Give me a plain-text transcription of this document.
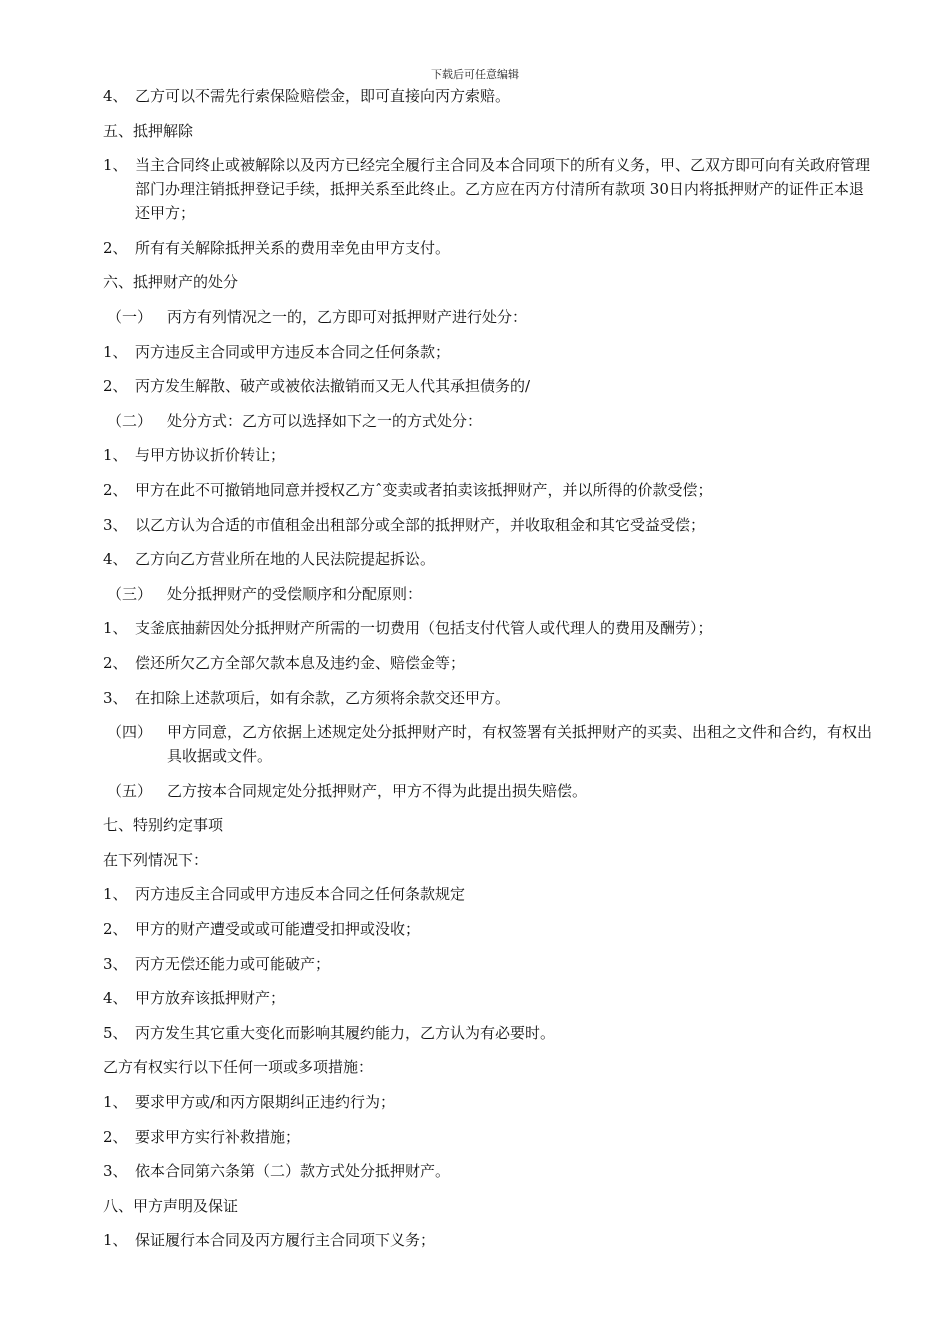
下载后可任意编辑
4、 乙方可以不需先行索保险赔偿金，即可直接向丙方索赔。
五、抵押解除
1、 当主合同终止或被解除以及丙方已经完全履行主合同及本合同项下的所有义务，甲、乙双方即可向有关政府管理部门办理注销抵押登记手续，抵押关系至此终止。乙方应在丙方付清所有款项 30日内将抵押财产的证件正本退还甲方；
2、 所有有关解除抵押关系的费用幸免由甲方支付。
六、抵押财产的处分
（一） 丙方有列情况之一的，乙方即可对抵押财产进行处分：
1、 丙方违反主合同或甲方违反本合同之任何条款；
2、 丙方发生解散、破产或被依法撤销而又无人代其承担债务的/
（二） 处分方式：乙方可以选择如下之一的方式处分：
1、 与甲方协议折价转让；
2、 甲方在此不可撤销地同意并授权乙方ˆ变卖或者拍卖该抵押财产，并以所得的价款受偿；
3、 以乙方认为合适的市值租金出租部分或全部的抵押财产，并收取租金和其它受益受偿；
4、 乙方向乙方营业所在地的人民法院提起拆讼。
（三） 处分抵押财产的受偿顺序和分配原则：
1、 支釜底抽薪因处分抵押财产所需的一切费用（包括支付代管人或代理人的费用及酬劳）；
2、 偿还所欠乙方全部欠款本息及违约金、赔偿金等；
3、 在扣除上述款项后，如有余款，乙方须将余款交还甲方。
（四） 甲方同意，乙方依据上述规定处分抵押财产时，有权签署有关抵押财产的买卖、出租之文件和合约，有权出具收据或文件。
（五） 乙方按本合同规定处分抵押财产，甲方不得为此提出损失赔偿。
七、特别约定事项
在下列情况下：
1、 丙方违反主合同或甲方违反本合同之任何条款规定
2、 甲方的财产遭受或或可能遭受扣押或没收；
3、 丙方无偿还能力或可能破产；
4、 甲方放弃该抵押财产；
5、 丙方发生其它重大变化而影响其履约能力，乙方认为有必要时。
乙方有权实行以下任何一项或多项措施：
1、 要求甲方或/和丙方限期纠正违约行为；
2、 要求甲方实行补救措施；
3、 依本合同第六条第（二）款方式处分抵押财产。
八、甲方声明及保证
1、 保证履行本合同及丙方履行主合同项下义务；
